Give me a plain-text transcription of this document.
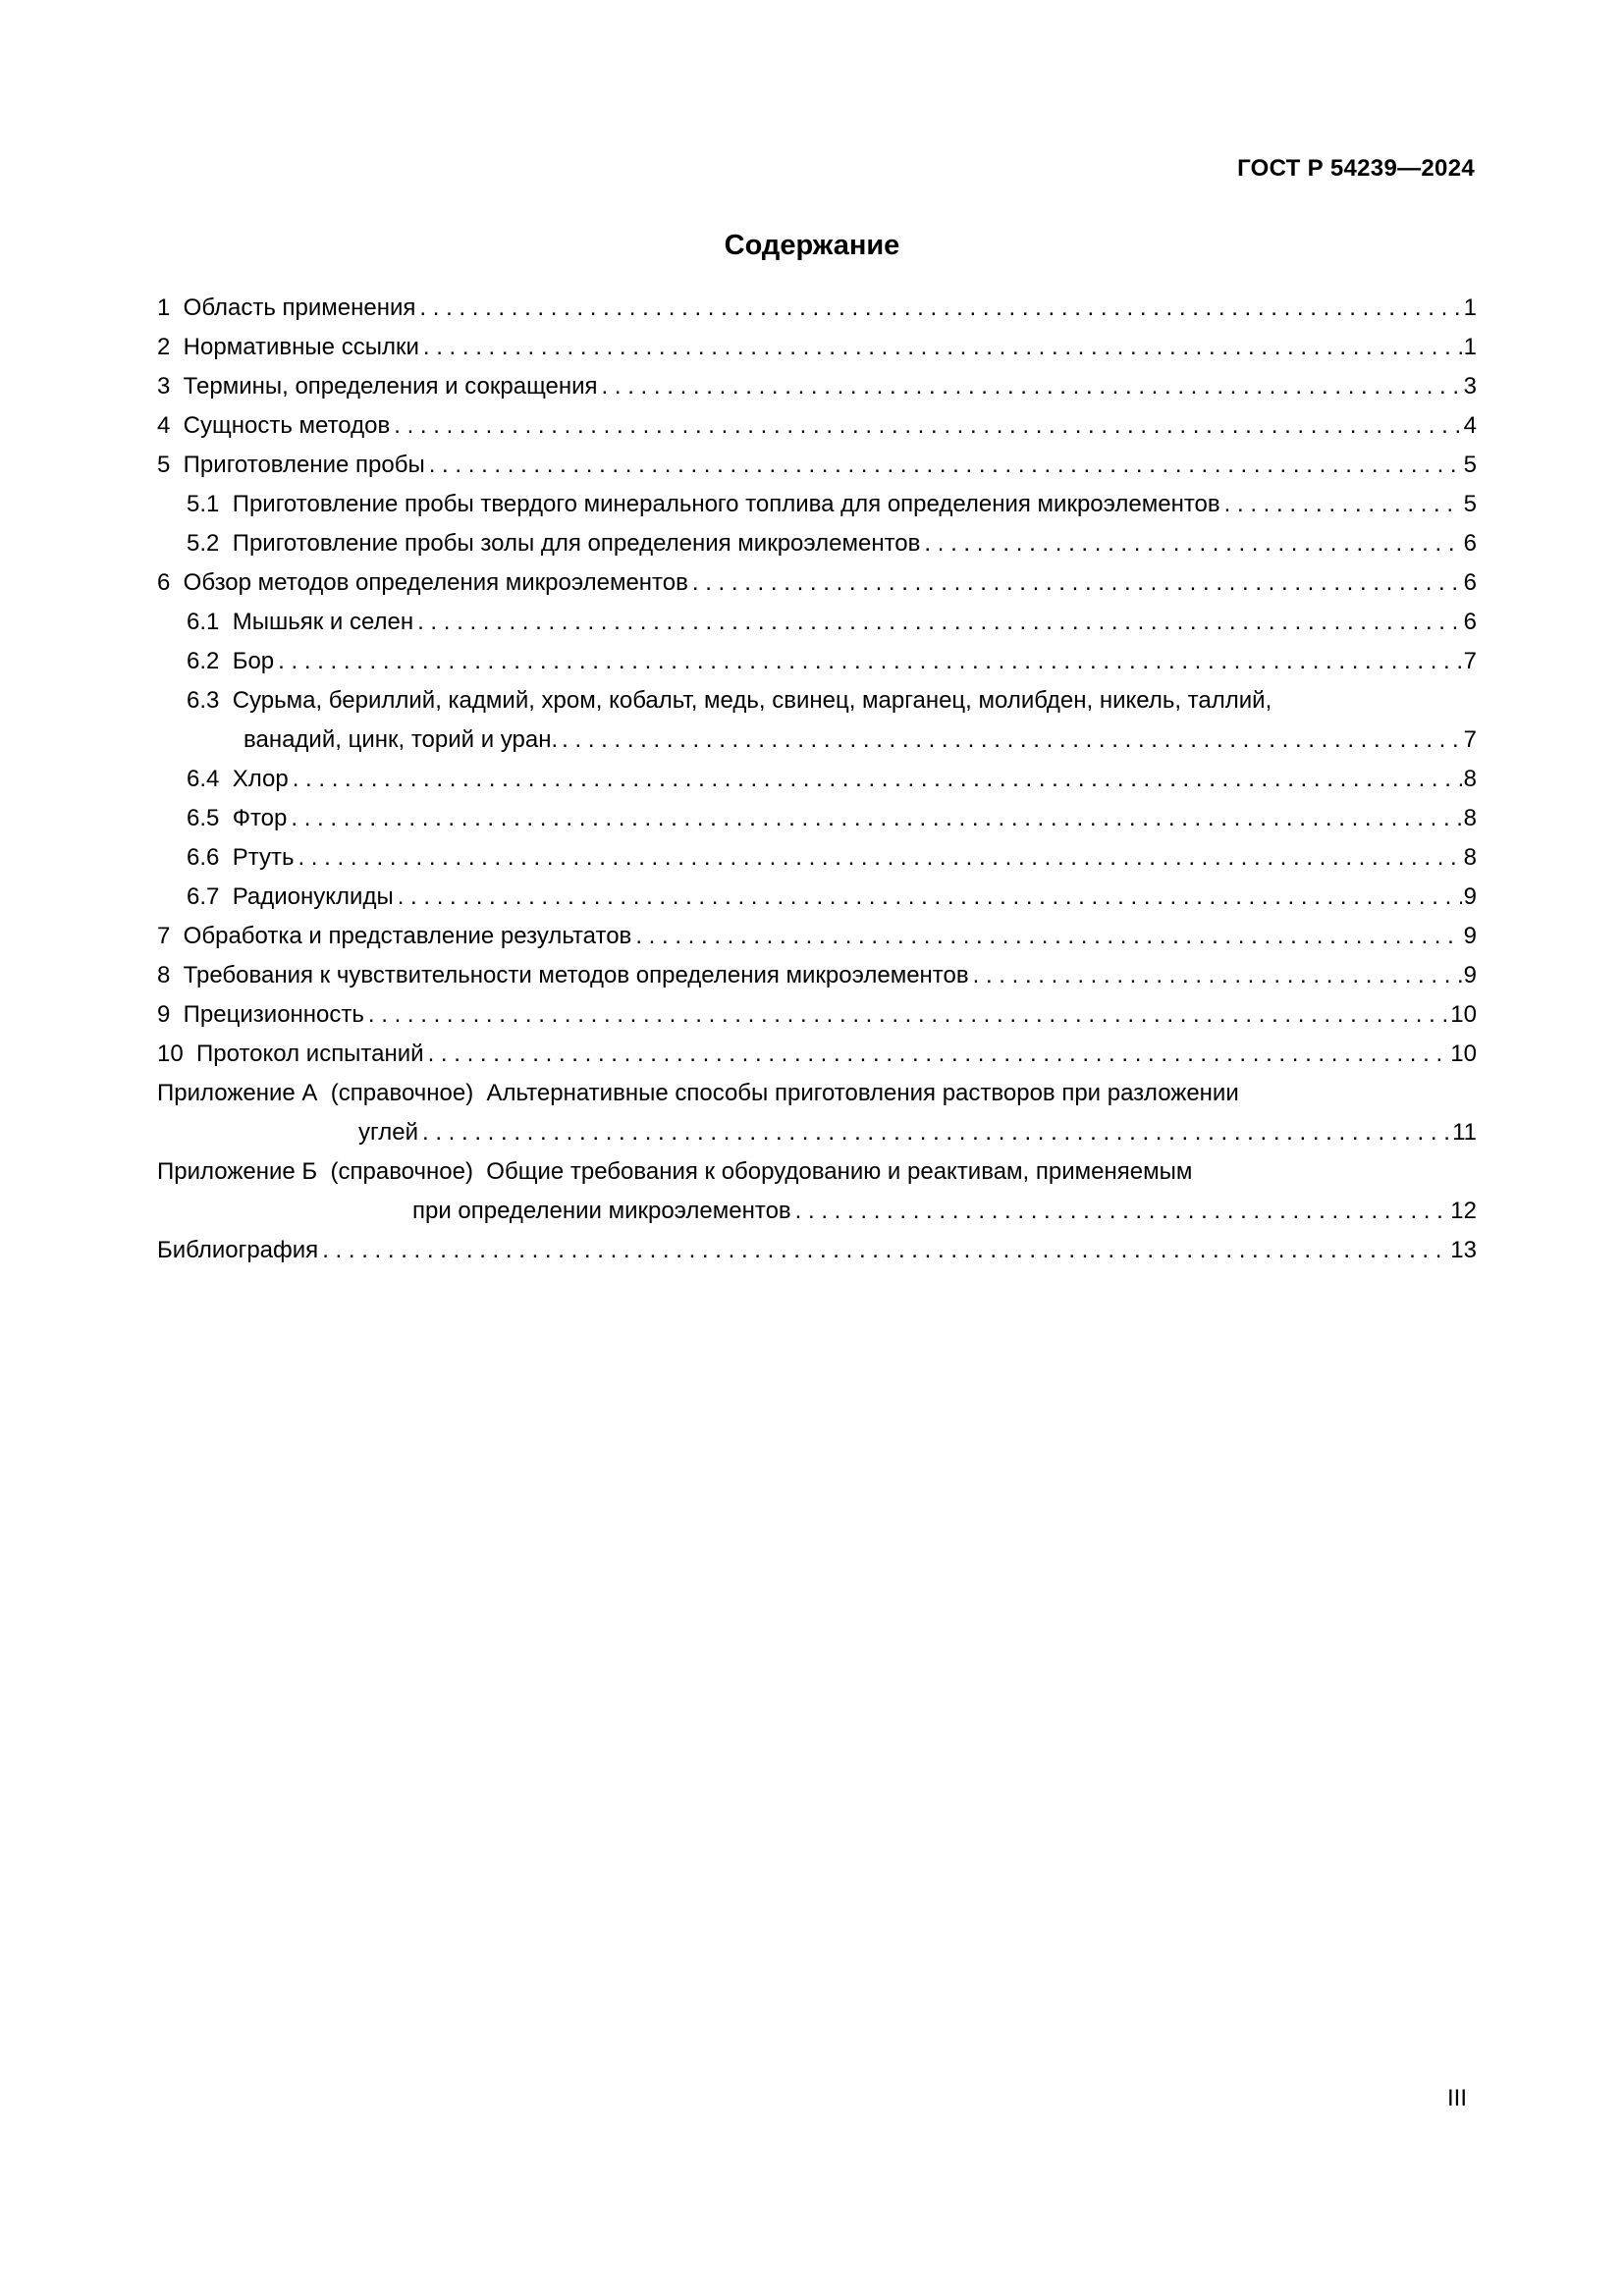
ГОСТ Р 54239—2024
Содержание
1  Область применения . . .	1
2  Нормативные ссылки . . .	1
3  Термины, определения и сокращения . . .	3
4  Сущность методов . . .	4
5  Приготовление пробы . . .	5
5.1  Приготовление пробы твердого минерального топлива для определения микроэлементов . . .	5
5.2  Приготовление пробы золы для определения микроэлементов . . .	6
6  Обзор методов определения микроэлементов . . .	6
6.1  Мышьяк и селен . . .	6
6.2  Бор . . .	7
6.3  Сурьма, бериллий, кадмий, хром, кобальт, медь, свинец, марганец, молибден, никель, таллий,
ванадий, цинк, торий и уран. . . .	7
6.4  Хлор . . .	8
6.5  Фтор . . .	8
6.6  Ртуть . . .	8
6.7  Радионуклиды . . .	9
7  Обработка и представление результатов . . .	9
8  Требования к чувствительности методов определения микроэлементов . . .	9
9  Прецизионность . . .	10
10  Протокол испытаний . . .	10
Приложение А  (справочное)  Альтернативные способы приготовления растворов при разложении
углей . . .	11
Приложение Б  (справочное)  Общие требования к оборудованию и реактивам, применяемым
при определении микроэлементов . . .	12
Библиография . . .	13
III
